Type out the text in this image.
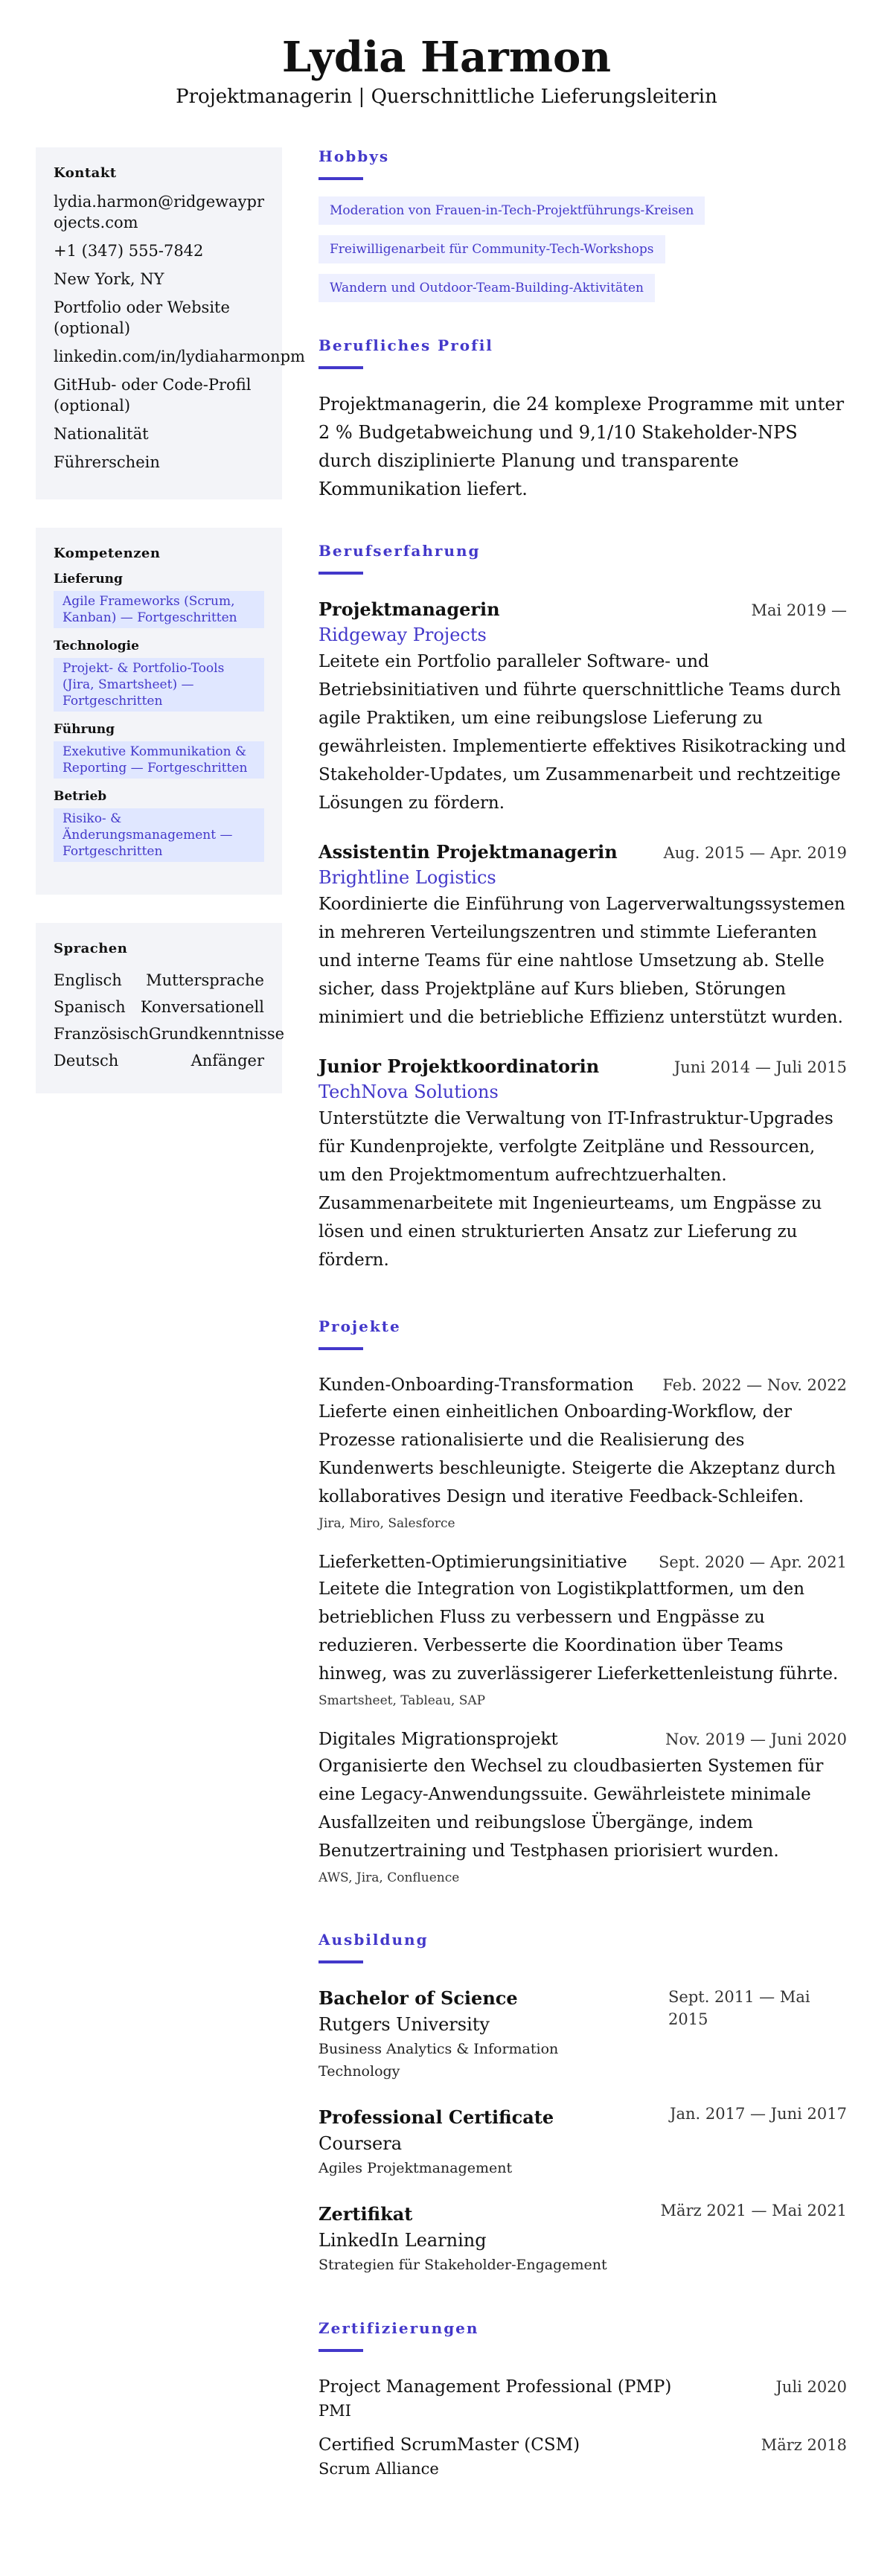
Lydia Harmon
Projektmanagerin | Querschnittliche Lieferungsleiterin
Kontakt
lydia.harmon@ridgewayprojects.com
+1 (347) 555-7842
New York, NY
Portfolio oder Website (optional)
linkedin.com/in/lydiaharmonpm
GitHub- oder Code-Profil (optional)
Nationalität
Führerschein
Kompetenzen
Lieferung
Agile Frameworks (Scrum, Kanban) — Fortgeschritten
Technologie
Projekt- & Portfolio-Tools (Jira, Smartsheet) — Fortgeschritten
Führung
Exekutive Kommunikation & Reporting — Fortgeschritten
Betrieb
Risiko- & Änderungsmanagement — Fortgeschritten
Sprachen
Englisch Muttersprache
Spanisch Konversationell
Französisch Grundkenntnisse
Deutsch	Anfänger
Hobbys
Moderation von Frauen-in-Tech-Projektführungs-Kreisen
Freiwilligenarbeit für Community-Tech-Workshops
Wandern und Outdoor-Team-Building-Aktivitäten
Berufliches Profil

Projektmanagerin, die 24 komplexe Programme mit unter 2 % Budgetabweichung und 9,1/10 Stakeholder-NPS durch disziplinierte Planung und transparente Kommunikation liefert.

Berufserfahrung
Projektmanagerin	Mai 2019 —
Ridgeway Projects

Leitete ein Portfolio paralleler Software- und Betriebsinitiativen und führte querschnittliche Teams durch agile Praktiken, um eine reibungslose Lieferung zu gewährleisten. Implementierte effektives Risikotracking und Stakeholder-Updates, um Zusammenarbeit und rechtzeitige Lösungen zu fördern.

Assistentin Projektmanagerin	Aug. 2015 — Apr. 2019
Brightline Logistics

Koordinierte die Einführung von Lagerverwaltungssystemen in mehreren Verteilungszentren und stimmte Lieferanten und interne Teams für eine nahtlose Umsetzung ab. Stelle sicher, dass Projektpläne auf Kurs blieben, Störungen minimiert und die betriebliche Effizienz unterstützt wurden.

Junior Projektkoordinatorin	Juni 2014 — Juli 2015
TechNova Solutions

Unterstützte die Verwaltung von IT-Infrastruktur-Upgrades für Kundenprojekte, verfolgte Zeitpläne und Ressourcen, um den Projektmomentum aufrechtzuerhalten. Zusammenarbeitete mit Ingenieurteams, um Engpässe zu lösen und einen strukturierten Ansatz zur Lieferung zu fördern.

Projekte
Kunden-Onboarding-Transformation Feb. 2022 — Nov. 2022

Lieferte einen einheitlichen Onboarding-Workflow, der Prozesse rationalisierte und die Realisierung des Kundenwerts beschleunigte. Steigerte die Akzeptanz durch kollaboratives Design und iterative Feedback-Schleifen.

Jira, Miro, Salesforce
Lieferketten-Optimierungsinitiative Sept. 2020 — Apr. 2021

Leitete die Integration von Logistikplattformen, um den betrieblichen Fluss zu verbessern und Engpässe zu reduzieren. Verbesserte die Koordination über Teams hinweg, was zu zuverlässigerer Lieferkettenleistung führte.

Smartsheet, Tableau, SAP
Digitales Migrationsprojekt	Nov. 2019 — Juni 2020

Organisierte den Wechsel zu cloudbasierten Systemen für eine Legacy-Anwendungssuite. Gewährleistete minimale Ausfallzeiten und reibungslose Übergänge, indem Benutzertraining und Testphasen priorisiert wurden.

AWS, Jira, Confluence
Ausbildung
Bachelor of Science
Rutgers University
Business Analytics & Information Technology
Sept. 2011 — Mai 2015
Professional Certificate
Coursera
Agiles Projektmanagement
Jan. 2017 — Juni 2017
Zertifikat
LinkedIn Learning
Strategien für Stakeholder-Engagement
März 2021 — Mai 2021
Zertifizierungen
Project Management Professional (PMP)	Juli 2020
PMI
Certified ScrumMaster (CSM)	März 2018
Scrum Alliance
